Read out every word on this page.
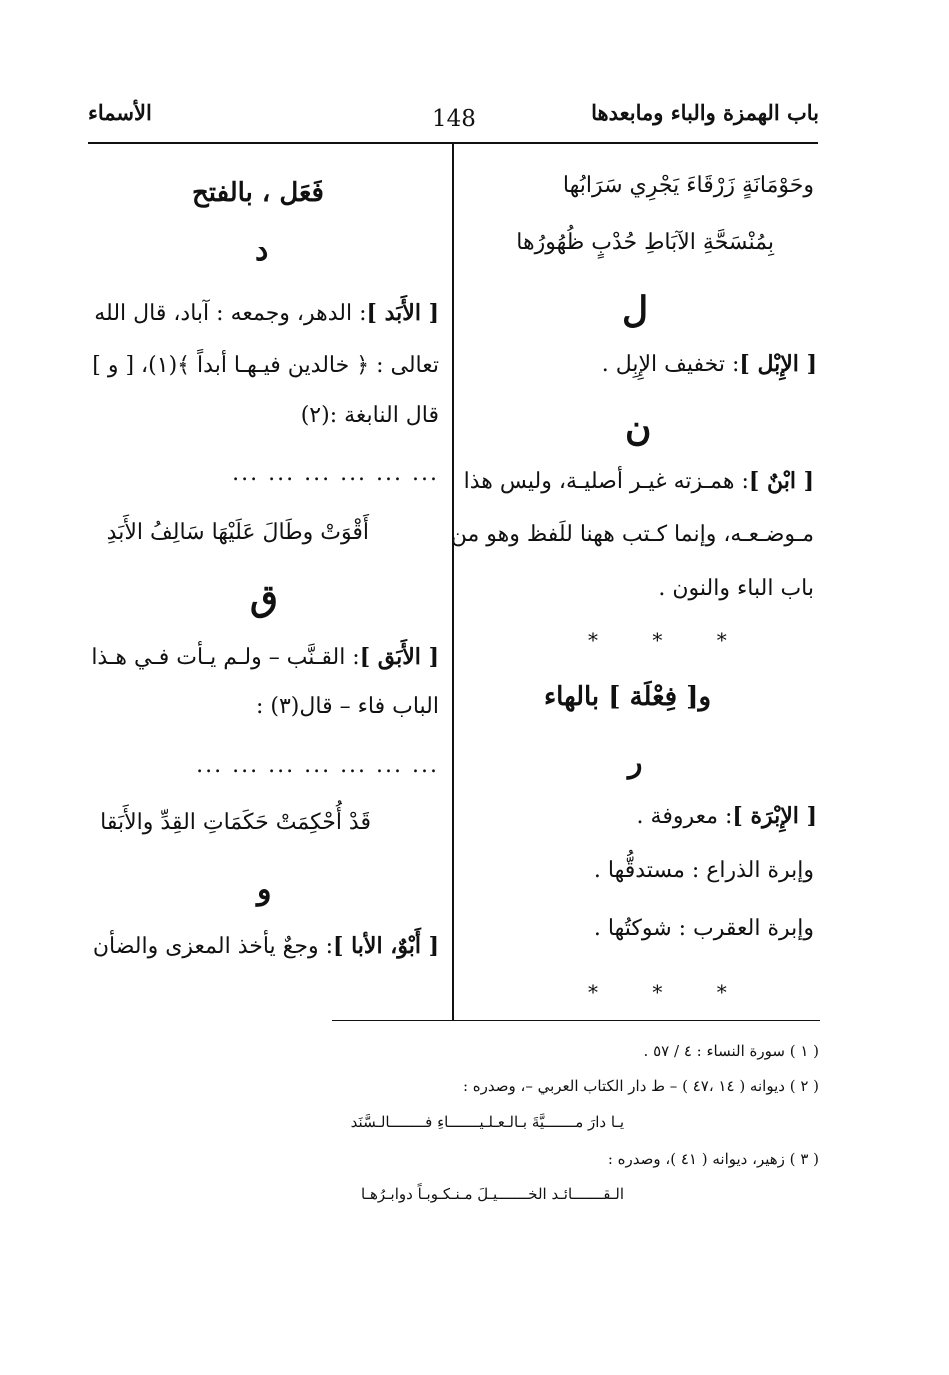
باب الهمزة والباء ومابعدها
148
الأسماء
وحَوْمَانَةٍ زَرْقَاءَ يَجْرِي سَرَابُها
بِمُنْسَحَّةِ الآبَاطِ حُدْبٍ ظُهُورُها
ل
[ الإِبْل ]: تخفيف الإِبِل .
ن
[ ابْنٌ ]: همـزته غيـر أصليـة، وليس هذا
مـوضـعـه، وإنما كـتب ههنا للَفظ وهو من
باب الباء والنون .
* * *
و[ فِعْلَة ] بالهاء
ر
[ الإِبْرَة ]: معروفة .
وإبرة الذراع : مستدقُّها .
وإبرة العقرب : شوكتُها .
* * *
فَعَل ، بالفتح
د
[ الأَبَد ]: الدهر، وجمعه : آباد، قال الله
تعالى : ﴿ خالدين فيـهـا أبداً ﴾(١)، [ و ]
قال النابغة :(٢)
... ... ... ... ... ...
أَقْوَتْ وطَالَ عَلَيْهَا سَالِفُ الأَبَدِ
ق
[ الأَبَق ]: القـنَّب – ولـم يـأت فـي هـذا
الباب فاء – قال(٣) :
... ... ... ... ... ... ...
قَدْ أُحْكِمَتْ حَكَمَاتِ القِدِّ والأَبَقا
و
[ أَبْوٌ، الأبا ]: وجعٌ يأخذ المعزى والضأن
( ١ ) سورة النساء : ٤ / ٥٧ .
( ٢ ) ديوانه ( ١٤ ،٤٧ ) – ط دار الكتاب العربي –، وصدره :
يـا دارَ مـــــــيَّةَ بـالـعـلـيـــــــاءِ فــــــــالـسَّنَد
( ٣ ) زهير، ديوانه ( ٤١ )، وصدره :
الـقـــــــائـد الخـــــــيـلَ مـنـكـوبـاً دوابـرُهـا
